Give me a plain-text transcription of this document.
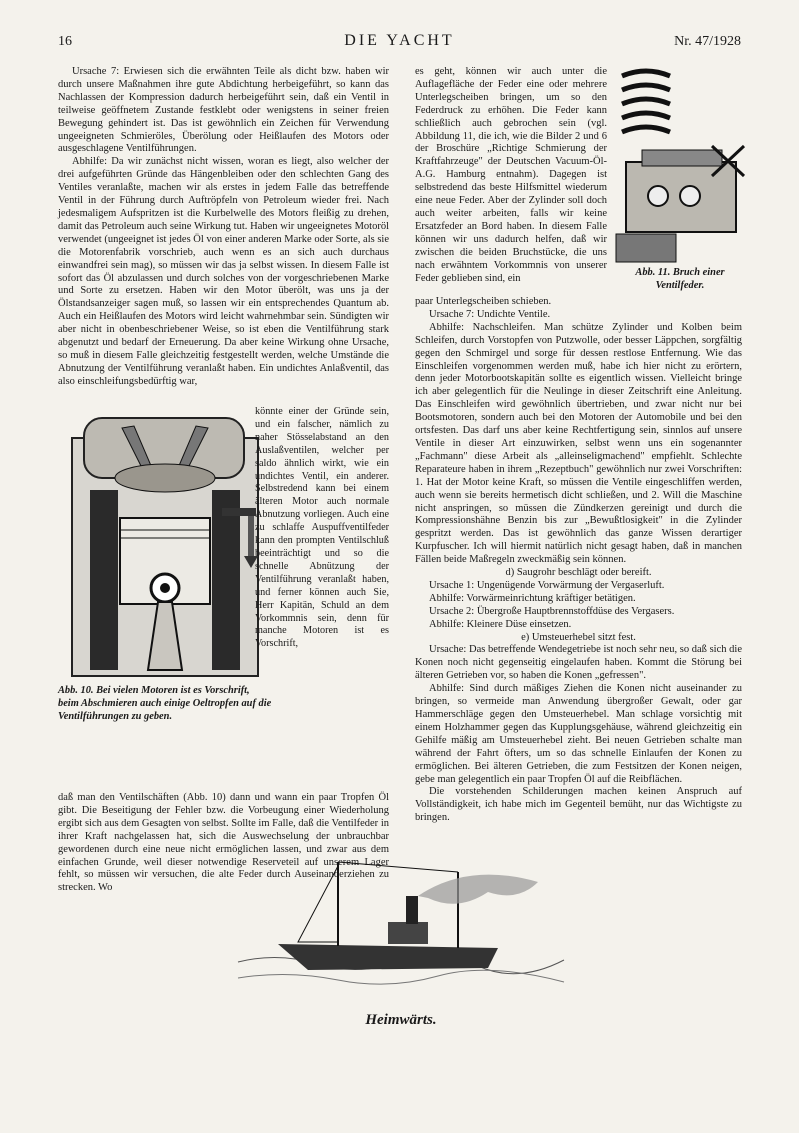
16	DIE YACHT	Nr. 47/1928

Ursache 7: Erwiesen sich die erwähnten Teile als dicht bzw. haben wir durch unsere Maßnahmen ihre gute Abdichtung herbeigeführt, so kann das Nachlassen der Kompression dadurch herbeigeführt sein, daß ein Ventil in teilweise geöffnetem Zustande festklebt oder wenigstens in seiner freien Bewegung gehindert ist. Das ist gewöhnlich ein Zeichen für Verwendung ungeeigneten Schmieröles, Überölung oder Heißlaufen des Motors oder ausgeschlagene Ventilführungen.

Abhilfe: Da wir zunächst nicht wissen, woran es liegt, also welcher der drei aufgeführten Gründe das Hängenbleiben oder den schlechten Gang des Ventiles veranlaßte, machen wir als erstes in jedem Falle das betreffende Ventil in der Führung durch Auftröpfeln von Petroleum wieder frei. Nach jedesmaligem Aufspritzen ist die Kurbelwelle des Motors fleißig zu drehen, damit das Petroleum auch seine Wirkung tut. Haben wir ungeeignetes Motoröl verwendet (ungeeignet ist jedes Öl von einer anderen Marke oder Sorte, als sie die Motorenfabrik vorschrieb, auch wenn es an sich auch durchaus einwandfrei sein mag), so müssen wir das ja selbst wissen. In diesem Falle ist sofort das Öl abzulassen und durch solches von der vorgeschriebenen Marke und Sorte zu ersetzen. Haben wir den Motor überölt, was uns ja der Ölstandsanzeiger sagen muß, so lassen wir ein entsprechendes Quantum ab. Auch ein Heißlaufen des Motors wird leicht wahrnehmbar sein. Sündigten wir aber nicht in obenbeschriebener Weise, so ist eben die Ventilführung stark abgenutzt und bedarf der Erneuerung. Da aber keine Wirkung ohne Ursache, so muß in diesem Falle gleichzeitig festgestellt werden, welche Umstände die Abnutzung der Ventilführung veranlaßt haben. Ein undichtes Anlaßventil, das also einschleifungsbedürftig war,

könnte einer der Gründe sein, und ein falscher, nämlich zu naher Stösselabstand an den Auslaßventilen, welcher per saldo ähnlich wirkt, wie ein undichtes Ventil, ein anderer. Selbstredend kann bei einem älteren Motor auch normale Abnutzung vorliegen. Auch eine zu schlaffe Auspuffventilfeder kann den prompten Ventilschluß beeinträchtigt und so die schnelle Abnützung der Ventilführung veranlaßt haben, und ferner können auch Sie, Herr Kapitän, Schuld an dem Vorkommnis sein, denn für manche Motoren ist es Vorschrift,

Abb. 10. Bei vielen Motoren ist es Vorschrift, beim Abschmieren auch einige Oeltropfen auf die Ventilführungen zu geben.

daß man den Ventilschäften (Abb. 10) dann und wann ein paar Tropfen Öl gibt. Die Beseitigung der Fehler bzw. die Vorbeugung einer Wiederholung ergibt sich aus dem Gesagten von selbst. Sollte im Falle, daß die Ventilfeder in ihrer Kraft nachgelassen hat, sich die Auswechselung der unbrauchbar gewordenen durch eine neue nicht ermöglichen lassen, und zwar aus dem einfachen Grunde, weil dieser notwendige Reserveteil auf unserem Lager fehlt, so müssen wir versuchen, die alte Feder durch Auseinanderziehen zu strecken. Wo

es geht, können wir auch unter die Auflagefläche der Feder eine oder mehrere Unterlegscheiben bringen, um so den Federdruck zu erhöhen. Die Feder kann schließlich auch gebrochen sein (vgl. Abbildung 11, die ich, wie die Bilder 2 und 6 der Broschüre „Richtige Schmierung der Kraftfahrzeuge" der Deutschen Vacuum-Öl-A.G. Hamburg entnahm). Dagegen ist selbstredend das beste Hilfsmittel wiederum eine neue Feder. Aber der Zylinder soll doch auch weiter arbeiten, falls wir keine Ersatzfeder an Bord haben. In diesem Falle können wir uns dadurch helfen, daß wir zwischen die beiden Bruchstücke, die uns nach erwähntem Vorkommnis von unserer Feder geblieben sind, ein	Abb. 11. Bruch einer Ventilfeder.

paar Unterlegscheiben schieben.

Ursache 7: Undichte Ventile.

Abhilfe: Nachschleifen. Man schütze Zylinder und Kolben beim Schleifen, durch Vorstopfen von Putzwolle, oder besser Läppchen, sorgfältig gegen den Schmirgel und sorge für dessen restlose Entfernung. Wie das Einschleifen vorgenommen werden muß, habe ich hier nicht zu erörtern, denn jeder Motorbootskapitän sollte es eigentlich wissen. Vielleicht bringe ich aber gelegentlich für die Neulinge in dieser Zeitschrift eine Anleitung. Das Einschleifen wird gewöhnlich übertrieben, und zwar nicht nur bei Bootsmotoren, sondern auch bei den Motoren der Automobile und bei den ortsfesten. Das darf uns aber keine Rechtfertigung sein, sinnlos auf unsere Ventile in dieser Art einzuwirken, selbst wenn uns ein sogenannter „Fachmann" diese Arbeit als „alleinseligmachend" empfiehlt. Schlechte Reparateure haben in ihrem „Rezeptbuch" gewöhnlich nur zwei Vorschriften: 1. Hat der Motor keine Kraft, so müssen die Ventile eingeschliffen werden, auch wenn sie bereits hermetisch dicht schließen, und 2. Will die Maschine nicht anspringen, so müssen die Zündkerzen gereinigt und durch die Kompressionshähne Benzin bis zur „Bewußtlosigkeit" in die Zylinder gespritzt werden. Das ist gewöhnlich das ganze Wissen derartiger Kurpfuscher. Ich will hiermit natürlich nicht gesagt haben, daß in manchen Fällen beide Maßregeln zweckmäßig sein können.

d) Saugrohr beschlägt oder bereift.

Ursache 1: Ungenügende Vorwärmung der Vergaserluft.

Abhilfe: Vorwärmeinrichtung kräftiger betätigen.

Ursache 2: Übergroße Hauptbrennstoffdüse des Vergasers.

Abhilfe: Kleinere Düse einsetzen.

e) Umsteuerhebel sitzt fest.

Ursache: Das betreffende Wendegetriebe ist noch sehr neu, so daß sich die Konen noch nicht gegenseitig eingelaufen haben. Kommt die Störung bei älteren Getrieben vor, so haben die Konen „gefressen".

Abhilfe: Sind durch mäßiges Ziehen die Konen nicht auseinander zu bringen, so vermeide man Anwendung übergroßer Gewalt, oder gar Hammerschläge gegen den Umsteuerhebel. Man schlage vorsichtig mit einem Holzhammer gegen das Kupplungsgehäuse, während gleichzeitig ein Gehilfe mäßig am Umsteuerhebel zieht. Bei neuen Getrieben schalte man während der Fahrt öfters, um so das schnelle Einlaufen der Konen zu ermöglichen. Bei älteren Getrieben, die zum Festsitzen der Konen neigen, gebe man gelegentlich ein paar Tropfen Öl auf die Reibflächen.

Die vorstehenden Schilderungen machen keinen Anspruch auf Vollständigkeit, ich habe mich im Gegenteil bemüht, nur das Wichtigste zu bringen.

Heimwärts.
